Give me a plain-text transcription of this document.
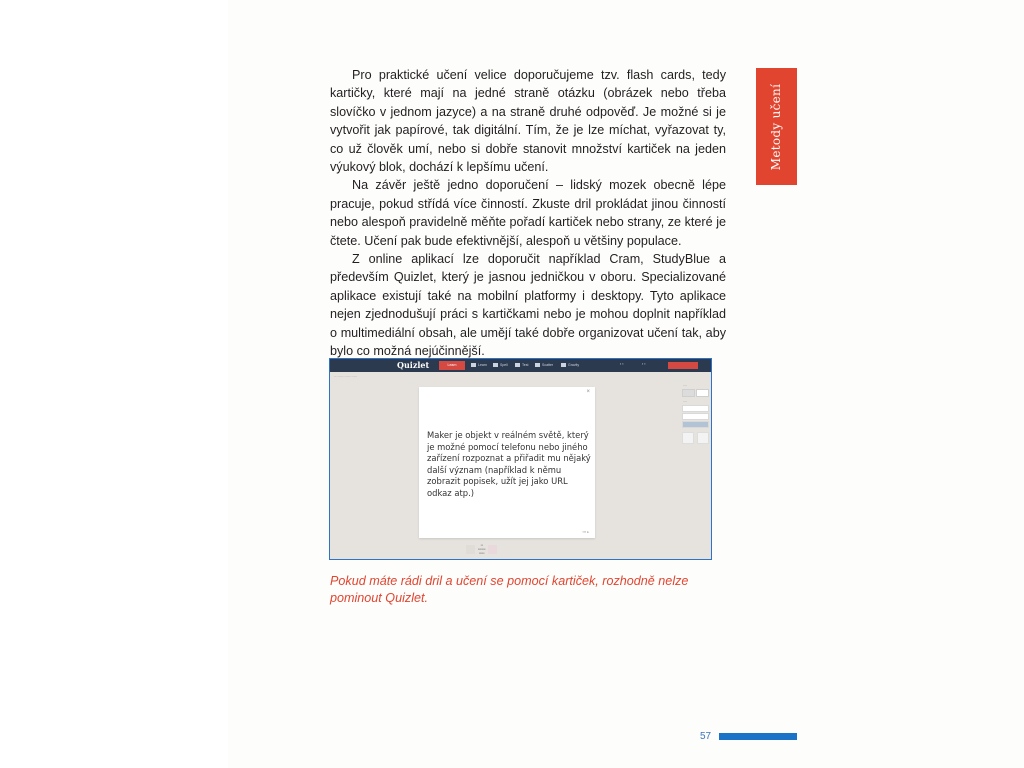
Pro praktické učení velice doporučujeme tzv. flash cards, tedy kartičky, které mají na jedné straně otázku (obrázek nebo třeba slovíčko v jednom jazyce) a na straně druhé odpověď. Je možné si je vytvořit jak papírové, tak digitální. Tím, že je lze míchat, vyřazovat ty, co už člověk umí, nebo si dobře stanovit množství kartiček na jeden výukový blok, dochází k lepšímu učení.

Na závěr ještě jedno doporučení – lidský mozek obecně lépe pracuje, pokud střídá více činností. Zkuste dril prokládat jinou činností nebo alespoň pravidelně měňte pořadí kartiček nebo strany, ze které je čtete. Učení pak bude efektivnější, alespoň u většiny populace.

Z online aplikací lze doporučit například Cram, StudyBlue a především Quizlet, který je jasnou jedničkou v oboru. Specializované aplikace existují také na mobilní platformy i desktopy. Tyto aplikace nejen zjednodušují práci s kartičkami nebo je mohou doplnit například o multimediální obsah, ale umějí také dobře organizovat učení tak, aby bylo co možná nejúčinnější.

Metody učení
Quizlet	Learn	Learn	Spell	Test	Scatter	Gravity	▪ ▪	▪ ▪
‥‥‥‥‥‥‥‥‥‥
×
Maker je objekt v reálném světě, který je možné pomocí telefonu nebo jiného zařízení rozpoznat a přiřadit mu nějaký další význam (například k němu zobrazit popisek, užít jej jako URL odkaz atp.)
▪▪▪ ▸
‥‥
‥‥
▪▪
▪▪▪▪▪▪▪
▪▪▪▪▪
Pokud máte rádi dril a učení se pomocí kartiček, rozhodně nelze pominout Quizlet.
57
